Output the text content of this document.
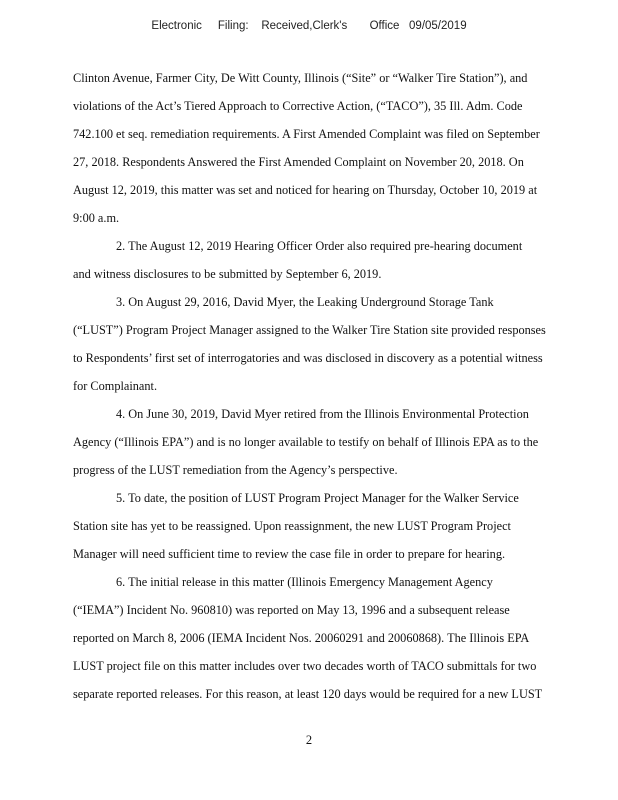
Electronic     Filing:    Received,Clerk's       Office   09/05/2019
Clinton Avenue, Farmer City, De Witt County, Illinois (“Site” or “Walker Tire Station”), and
violations of the Act’s Tiered Approach to Corrective Action, (“TACO”), 35 Ill. Adm. Code
742.100 et seq. remediation requirements. A First Amended Complaint was filed on September
27, 2018. Respondents Answered the First Amended Complaint on November 20, 2018. On
August 12, 2019, this matter was set and noticed for hearing on Thursday, October 10, 2019 at
9:00 a.m.
2. The August 12, 2019 Hearing Officer Order also required pre-hearing document
and witness disclosures to be submitted by September 6, 2019.
3. On August 29, 2016, David Myer, the Leaking Underground Storage Tank
(“LUST”) Program Project Manager assigned to the Walker Tire Station site provided responses
to Respondents’ first set of interrogatories and was disclosed in discovery as a potential witness
for Complainant.
4. On June 30, 2019, David Myer retired from the Illinois Environmental Protection
Agency (“Illinois EPA”) and is no longer available to testify on behalf of Illinois EPA as to the
progress of the LUST remediation from the Agency’s perspective.
5. To date, the position of LUST Program Project Manager for the Walker Service
Station site has yet to be reassigned. Upon reassignment, the new LUST Program Project
Manager will need sufficient time to review the case file in order to prepare for hearing.
6. The initial release in this matter (Illinois Emergency Management Agency
(“IEMA”) Incident No. 960810) was reported on May 13, 1996 and a subsequent release
reported on March 8, 2006 (IEMA Incident Nos. 20060291 and 20060868). The Illinois EPA
LUST project file on this matter includes over two decades worth of TACO submittals for two
separate reported releases. For this reason, at least 120 days would be required for a new LUST
2
